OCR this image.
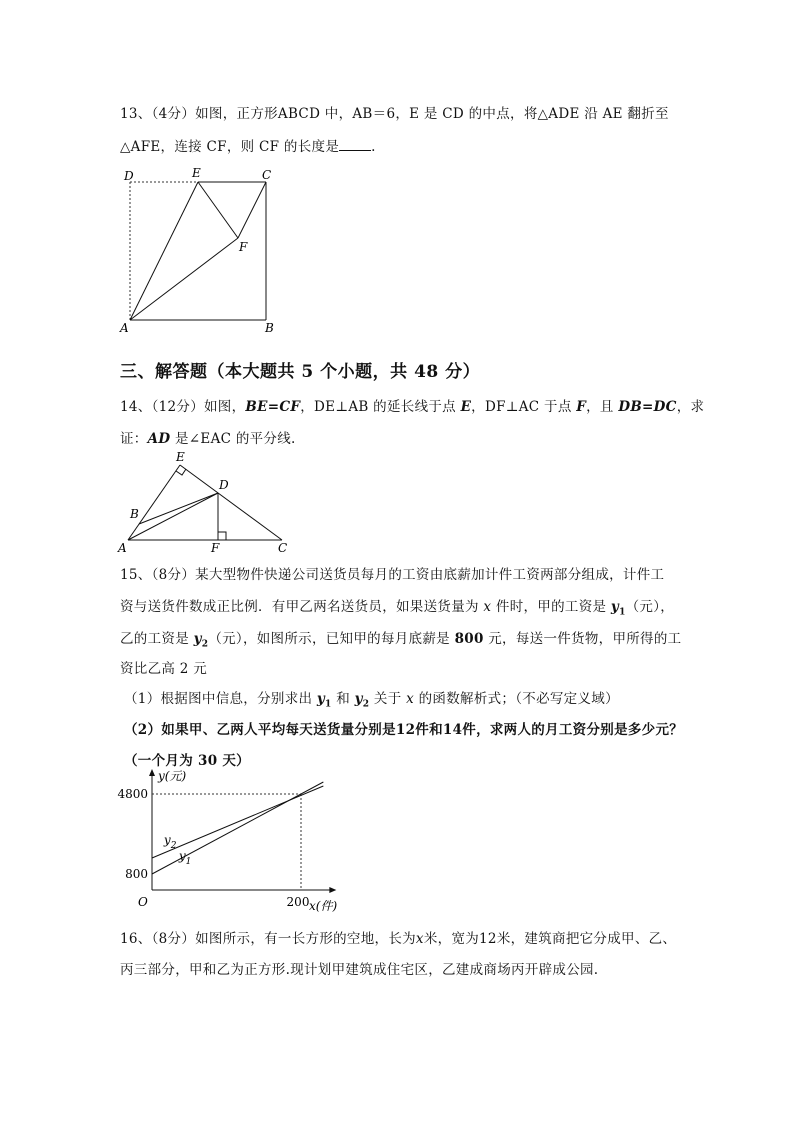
13、（4分）如图，正方形ABCD 中，AB＝6，E 是 CD 的中点，将△ADE 沿 AE 翻折至
△AFE，连接 CF，则 CF 的长度是 .
D	E	C
F
A	B
三、解答题（本大题共 5 个小题，共 48 分）
14、（12分）如图，BE=CF，DE⊥AB 的延长线于点 E，DF⊥AC 于点 F，且 DB=DC，求
证：AD 是∠EAC 的平分线.
E
D
B
A	F	C
15、（8分）某大型物件快递公司送货员每月的工资由底薪加计件工资两部分组成，计件工
资与送货件数成正比例．有甲乙两名送货员，如果送货量为 x 件时，甲的工资是 $y_1$（元），
乙的工资是 $y_2$（元），如图所示，已知甲的每月底薪是 800 元，每送一件货物，甲所得的工
资比乙高 2 元
（1）根据图中信息，分别求出 $y_1$ 和 $y_2$ 关于 x 的函数解析式；（不必写定义域）
（2）如果甲、乙两人平均每天送货量分别是12件和14件，求两人的月工资分别是多少元？
（一个月为 30 天）
y(元)
x(件)
O
800
4800
200
$y_2$
$y_1$
16、（8分）如图所示，有一长方形的空地，长为x米，宽为12米，建筑商把它分成甲、乙、
丙三部分，甲和乙为正方形.现计划甲建筑成住宅区，乙建成商场丙开辟成公园.
